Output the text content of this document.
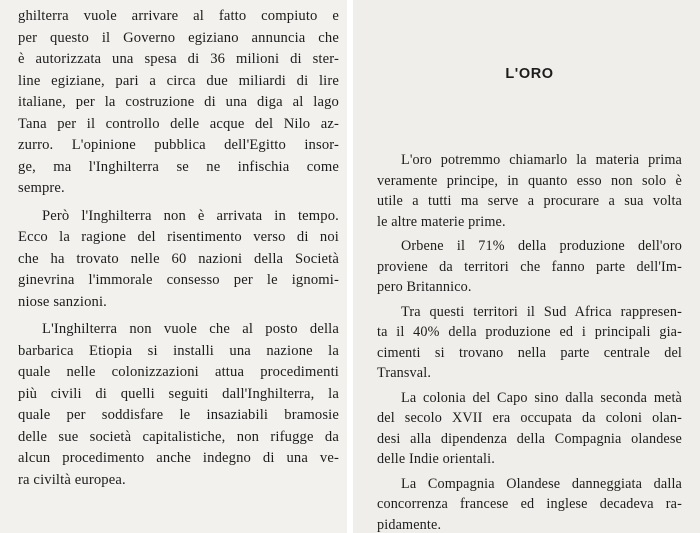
ghilterra vuole arrivare al fatto compiuto e
per questo il Governo egiziano annuncia che
è autorizzata una spesa di 36 milioni di ster-
line egiziane, pari a circa due miliardi di lire
italiane, per la costruzione di una diga al lago
Tana per il controllo delle acque del Nilo az-
zurro. L'opinione pubblica dell'Egitto insor-
ge, ma l'Inghilterra se ne infischia come
sempre.

Però l'Inghilterra non è arrivata in tempo.
Ecco la ragione del risentimento verso di noi
che ha trovato nelle 60 nazioni della Società
ginevrina l'immorale consesso per le ignomi-
niose sanzioni.

L'Inghilterra non vuole che al posto della
barbarica Etiopia si installi una nazione la
quale nelle colonizzazioni attua procedimenti
più civili di quelli seguiti dall'Inghilterra, la
quale per soddisfare le insaziabili bramosie
delle sue società capitalistiche, non rifugge da
alcun procedimento anche indegno di una ve-
ra civiltà europea.

L'ORO

L'oro potremmo chiamarlo la materia prima
veramente principe, in quanto esso non solo è
utile a tutti ma serve a procurare a sua volta
le altre materie prime.

Orbene il 71% della produzione dell'oro
proviene da territori che fanno parte dell'Im-
pero Britannico.

Tra questi territori il Sud Africa rappresen-
ta il 40% della produzione ed i principali gia-
cimenti si trovano nella parte centrale del
Transval.

La colonia del Capo sino dalla seconda metà
del secolo XVII era occupata da coloni olan-
desi alla dipendenza della Compagnia olandese
delle Indie orientali.

La Compagnia Olandese danneggiata dalla
concorrenza francese ed inglese decadeva ra-
pidamente.
